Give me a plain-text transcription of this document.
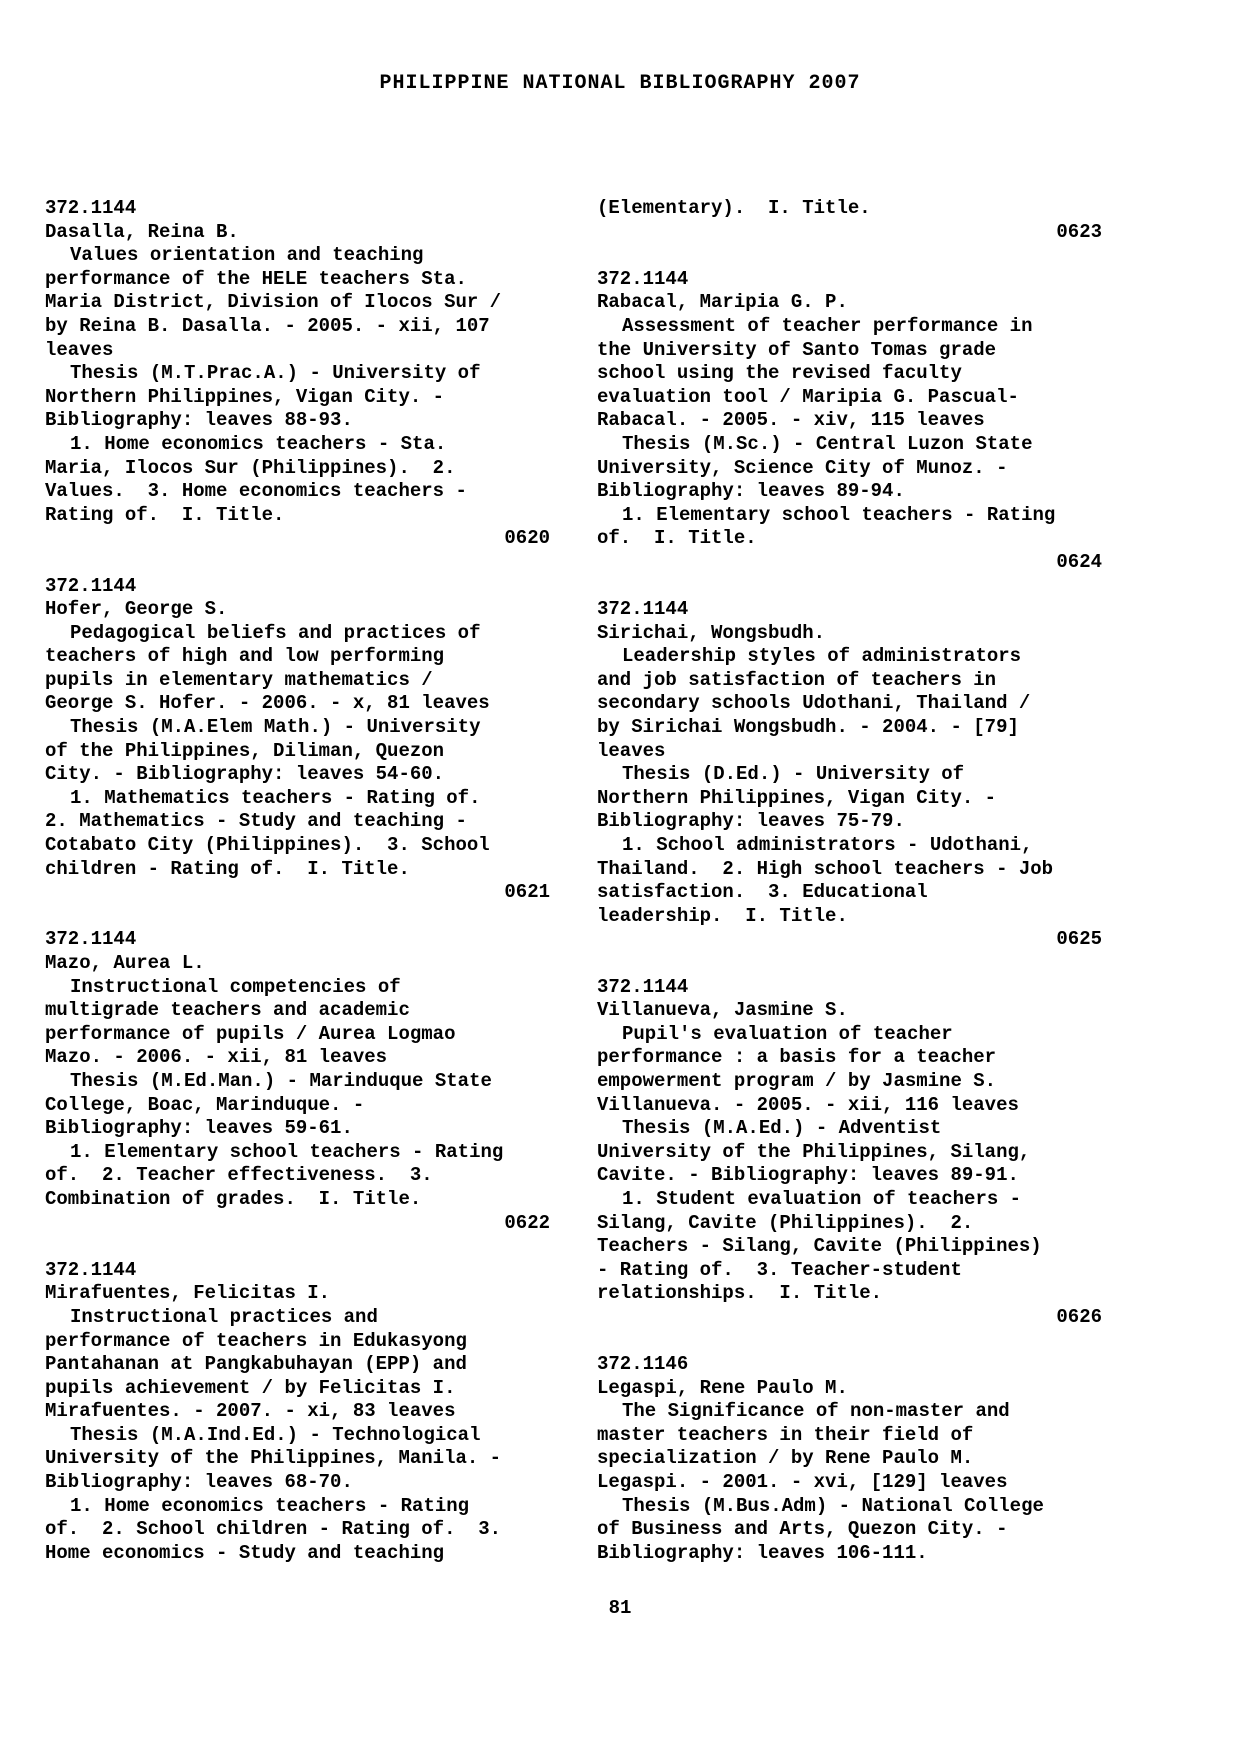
PHILIPPINE NATIONAL BIBLIOGRAPHY 2007
372.1144
Dasalla, Reina B.
Values orientation and teaching
performance of the HELE teachers Sta.
Maria District, Division of Ilocos Sur /
by Reina B. Dasalla. - 2005. - xii, 107
leaves
Thesis (M.T.Prac.A.) - University of
Northern Philippines, Vigan City. -
Bibliography: leaves 88-93.
1. Home economics teachers - Sta.
Maria, Ilocos Sur (Philippines).  2.
Values.  3. Home economics teachers -
Rating of.  I. Title.
0620
372.1144
Hofer, George S.
Pedagogical beliefs and practices of
teachers of high and low performing
pupils in elementary mathematics /
George S. Hofer. - 2006. - x, 81 leaves
Thesis (M.A.Elem Math.) - University
of the Philippines, Diliman, Quezon
City. - Bibliography: leaves 54-60.
1. Mathematics teachers - Rating of.
2. Mathematics - Study and teaching -
Cotabato City (Philippines).  3. School
children - Rating of.  I. Title.
0621
372.1144
Mazo, Aurea L.
Instructional competencies of
multigrade teachers and academic
performance of pupils / Aurea Logmao
Mazo. - 2006. - xii, 81 leaves
Thesis (M.Ed.Man.) - Marinduque State
College, Boac, Marinduque. -
Bibliography: leaves 59-61.
1. Elementary school teachers - Rating
of.  2. Teacher effectiveness.  3.
Combination of grades.  I. Title.
0622
372.1144
Mirafuentes, Felicitas I.
Instructional practices and
performance of teachers in Edukasyong
Pantahanan at Pangkabuhayan (EPP) and
pupils achievement / by Felicitas I.
Mirafuentes. - 2007. - xi, 83 leaves
Thesis (M.A.Ind.Ed.) - Technological
University of the Philippines, Manila. -
Bibliography: leaves 68-70.
1. Home economics teachers - Rating
of.  2. School children - Rating of.  3.
Home economics - Study and teaching
(Elementary).  I. Title.
0623
372.1144
Rabacal, Maripia G. P.
Assessment of teacher performance in
the University of Santo Tomas grade
school using the revised faculty
evaluation tool / Maripia G. Pascual-
Rabacal. - 2005. - xiv, 115 leaves
Thesis (M.Sc.) - Central Luzon State
University, Science City of Munoz. -
Bibliography: leaves 89-94.
1. Elementary school teachers - Rating
of.  I. Title.
0624
372.1144
Sirichai, Wongsbudh.
Leadership styles of administrators
and job satisfaction of teachers in
secondary schools Udothani, Thailand /
by Sirichai Wongsbudh. - 2004. - [79]
leaves
Thesis (D.Ed.) - University of
Northern Philippines, Vigan City. -
Bibliography: leaves 75-79.
1. School administrators - Udothani,
Thailand.  2. High school teachers - Job
satisfaction.  3. Educational
leadership.  I. Title.
0625
372.1144
Villanueva, Jasmine S.
Pupil's evaluation of teacher
performance : a basis for a teacher
empowerment program / by Jasmine S.
Villanueva. - 2005. - xii, 116 leaves
Thesis (M.A.Ed.) - Adventist
University of the Philippines, Silang,
Cavite. - Bibliography: leaves 89-91.
1. Student evaluation of teachers -
Silang, Cavite (Philippines).  2.
Teachers - Silang, Cavite (Philippines)
- Rating of.  3. Teacher-student
relationships.  I. Title.
0626
372.1146
Legaspi, Rene Paulo M.
The Significance of non-master and
master teachers in their field of
specialization / by Rene Paulo M.
Legaspi. - 2001. - xvi, [129] leaves
Thesis (M.Bus.Adm) - National College
of Business and Arts, Quezon City. -
Bibliography: leaves 106-111.
81
